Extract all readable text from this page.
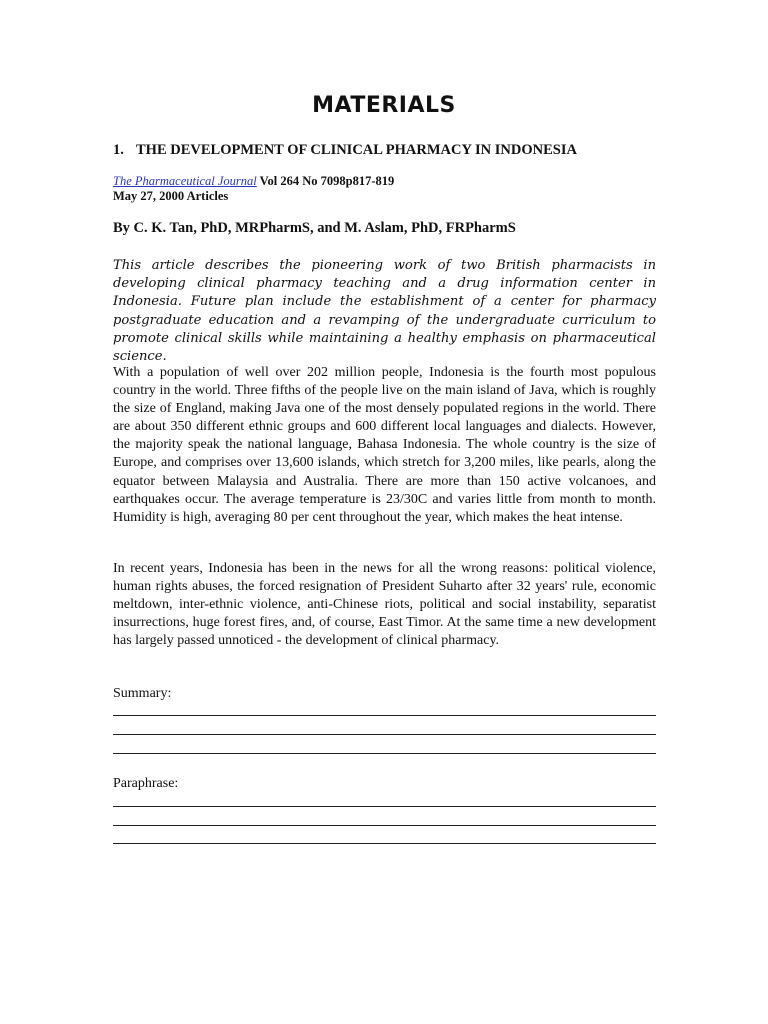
MATERIALS
1. THE DEVELOPMENT OF CLINICAL PHARMACY IN INDONESIA
The Pharmaceutical Journal Vol 264 No 7098p817-819
May 27, 2000 Articles

By C. K. Tan, PhD, MRPharmS, and M. Aslam, PhD, FRPharmS

This article describes the pioneering work of two British pharmacists in developing clinical pharmacy teaching and a drug information center in Indonesia. Future plan include the establishment of a center for pharmacy postgraduate education and a revamping of the undergraduate curriculum to promote clinical skills while maintaining a healthy emphasis on pharmaceutical science.

With a population of well over 202 million people, Indonesia is the fourth most populous country in the world. Three fifths of the people live on the main island of Java, which is roughly the size of England, making Java one of the most densely populated regions in the world. There are about 350 different ethnic groups and 600 different local languages and dialects. However, the majority speak the national language, Bahasa Indonesia. The whole country is the size of Europe, and comprises over 13,600 islands, which stretch for 3,200 miles, like pearls, along the equator between Malaysia and Australia. There are more than 150 active volcanoes, and earthquakes occur. The average temperature is 23/30C and varies little from month to month. Humidity is high, averaging 80 per cent throughout the year, which makes the heat intense.

In recent years, Indonesia has been in the news for all the wrong reasons: political violence, human rights abuses, the forced resignation of President Suharto after 32 years' rule, economic meltdown, inter-ethnic violence, anti-Chinese riots, political and social instability, separatist insurrections, huge forest fires, and, of course, East Timor. At the same time a new development has largely passed unnoticed - the development of clinical pharmacy.

Summary:

Paraphrase:
